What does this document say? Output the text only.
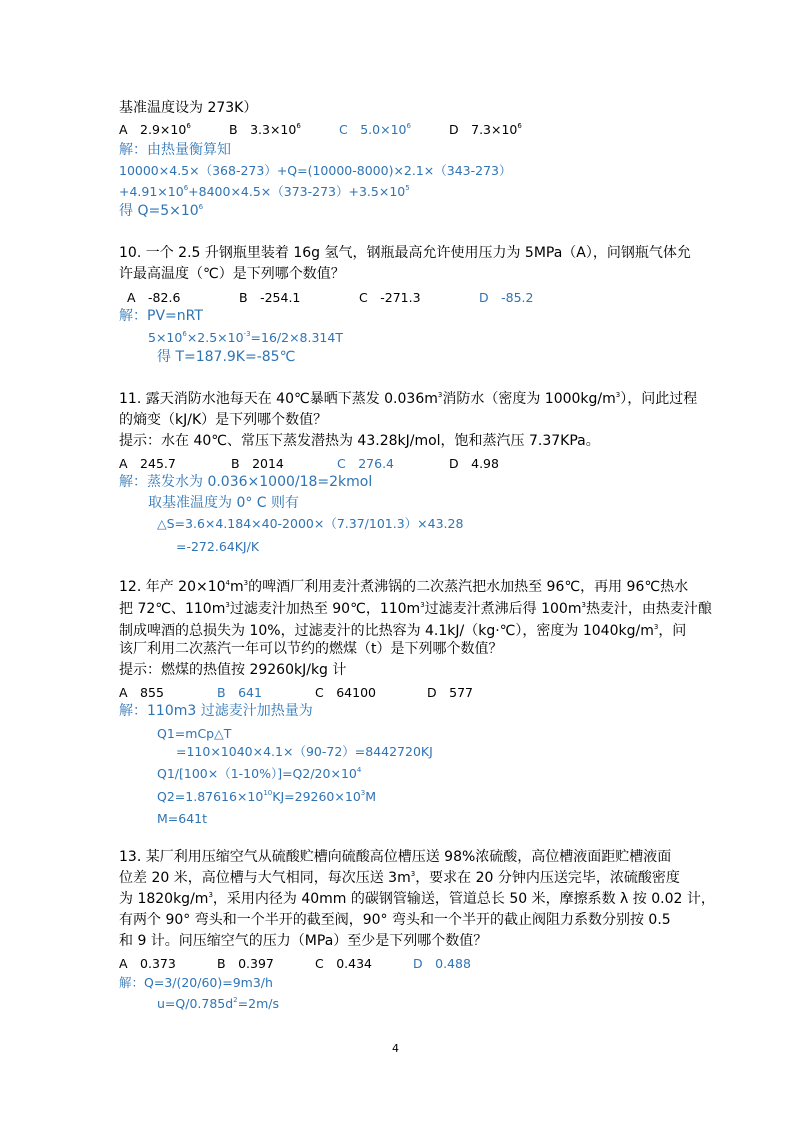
基准温度设为 273K）
A　$2.9\times 10^6$	B　$3.3\times 10^6$	C　$5.0\times 10^6$	D　$7.3\times 10^6$
解：由热量衡算知
10000×4.5×（368-273）+Q=(10000-8000)×2.1×（343-273）
$+4.91\times 10^6+8400\times 4.5\times(373-273)+3.5\times 10^5$
得 $Q=5\times 10^6$
10. 一个 2.5 升钢瓶里装着 16g 氢气，钢瓶最高允许使用压力为 5MPa（A），问钢瓶气体允
许最高温度（℃）是下列哪个数值？
A　-82.6	B　-254.1	C　-271.3	D　-85.2
解：PV=nRT
$5\times 10^6\times 2.5\times 10^{-3}=16/2\times 8.314T$
得 T=187.9K=-85℃
11. 露天消防水池每天在 40℃暴晒下蒸发 $0.036m^3$消防水（密度为 $1000kg/m^3$），问此过程
的熵变（kJ/K）是下列哪个数值？
提示：水在 40℃、常压下蒸发潜热为 43.28kJ/mol，饱和蒸汽压 7.37KPa。
A　245.7	B　2014	C　276.4	D　4.98
解：蒸发水为 0.036×1000/18=2kmol
取基准温度为 0° C 则有
△S=3.6×4.184×40-2000×（7.37/101.3）×43.28
=-272.64KJ/K
12. 年产 $20\times 10^4m^3$的啤酒厂利用麦汁煮沸锅的二次蒸汽把水加热至 96℃，再用 96℃热水
把 72℃、$110m^3$过滤麦汁加热至 90℃，$110m^3$过滤麦汁煮沸后得 $100m^3$热麦汁，由热麦汁酿
制成啤酒的总损失为 10%，过滤麦汁的比热容为 4.1kJ/（kg·℃），密度为 $1040kg/m^3$，问
该厂利用二次蒸汽一年可以节约的燃煤（t）是下列哪个数值？
提示：燃煤的热值按 29260kJ/kg 计
A　855	B　641	C　64100	D　577
解：110m3 过滤麦汁加热量为
Q1=mCp△T
=110×1040×4.1×（90-72）=8442720KJ
$Q1/[100\times(1-10\%)]=Q2/20\times 10^4$
$Q2=1.87616\times 10^{10}KJ=29260\times 10^3M$
M=641t
13. 某厂利用压缩空气从硫酸贮槽向硫酸高位槽压送 98%浓硫酸，高位槽液面距贮槽液面
位差 20 米，高位槽与大气相同，每次压送 $3m^3$，要求在 20 分钟内压送完毕，浓硫酸密度
为 $1820kg/m^3$，采用内径为 40mm 的碳钢管输送，管道总长 50 米，摩擦系数 λ 按 0.02 计，
有两个 90° 弯头和一个半开的截至阀，90° 弯头和一个半开的截止阀阻力系数分别按 0.5
和 9 计。问压缩空气的压力（MPa）至少是下列哪个数值？
A　0.373	B　0.397	C　0.434	D　0.488
解：Q=3/(20/60)=9m3/h
$u=Q/0.785d^2=2m/s$
4
